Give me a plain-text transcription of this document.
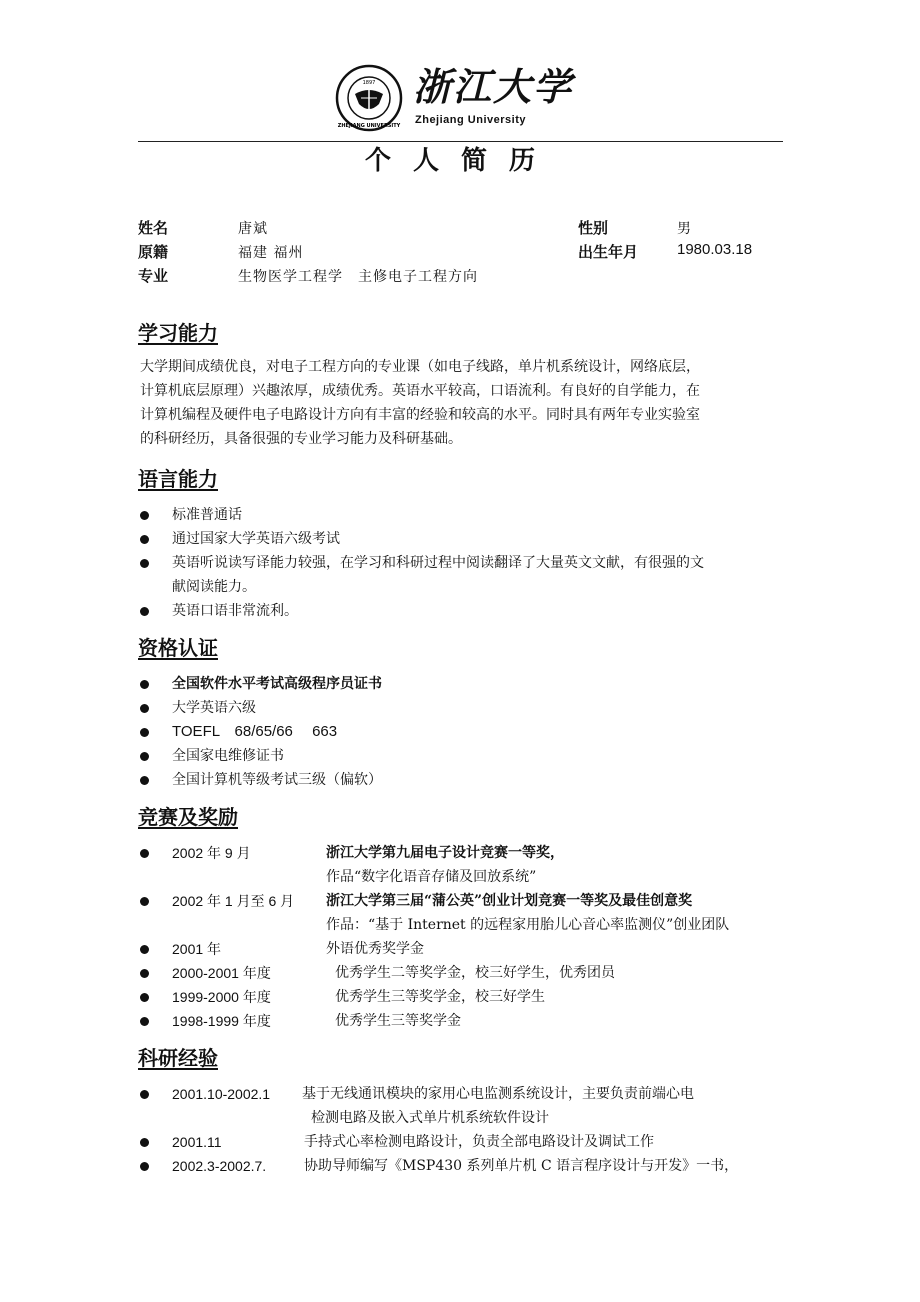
1897
ZHEJIANG UNIVERSITY
浙江大学
Zhejiang University
个人简历
姓名	唐斌	性别	男
原籍	福建 福州	出生年月	1980.03.18
专业	生物医学工程学　主修电子工程方向
学习能力

大学期间成绩优良，对电子工程方向的专业课（如电子线路，单片机系统设计，网络底层，

计算机底层原理）兴趣浓厚，成绩优秀。英语水平较高，口语流利。有良好的自学能力，在

计算机编程及硬件电子电路设计方向有丰富的经验和较高的水平。同时具有两年专业实验室

的科研经历，具备很强的专业学习能力及科研基础。

语言能力
标准普通话
通过国家大学英语六级考试
英语听说读写译能力较强，在学习和科研过程中阅读翻译了大量英文文献，有很强的文
献阅读能力。
英语口语非常流利。
资格认证
全国软件水平考试高级程序员证书
大学英语六级
TOEFL　68/65/66　 663
全国家电维修证书
全国计算机等级考试三级（偏软）
竞赛及奖励
2002 年 9 月	浙江大学第九届电子设计竞赛一等奖，
作品“数字化语音存储及回放系统”
2002 年 1 月至 6 月 浙江大学第三届“蒲公英”创业计划竞赛一等奖及最佳创意奖
作品：“基于 Internet 的远程家用胎儿心音心率监测仪”创业团队
2001 年	外语优秀奖学金
2000-2001 年度	优秀学生二等奖学金，校三好学生，优秀团员
1999-2000 年度	优秀学生三等奖学金，校三好学生
1998-1999 年度	优秀学生三等奖学金
科研经验
2001.10-2002.1 基于无线通讯模块的家用心电监测系统设计，主要负责前端心电
检测电路及嵌入式单片机系统软件设计
2001.11	手持式心率检测电路设计，负责全部电路设计及调试工作
2002.3-2002.7.	协助导师编写《MSP430 系列单片机 C 语言程序设计与开发》一书，
